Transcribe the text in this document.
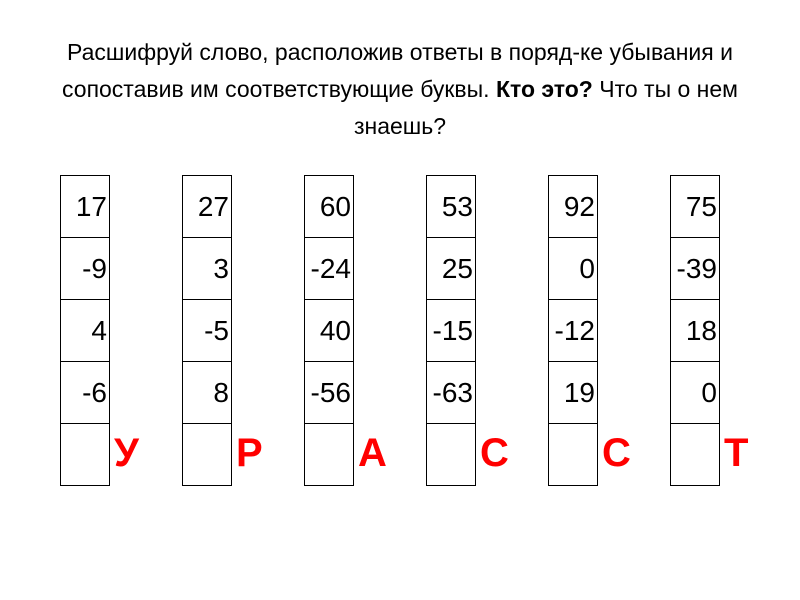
Расшифруй слово, расположив ответы в поряд-ке убывания и сопоставив им соответствующие буквы. Кто это? Что ты о нем знаешь?
17
-9
4
-6
У
27
3
-5
8
Р
60
-24
40
-56
А
53
25
-15
-63
С
92
0
-12
19
С
75
-39
18
0
Т
